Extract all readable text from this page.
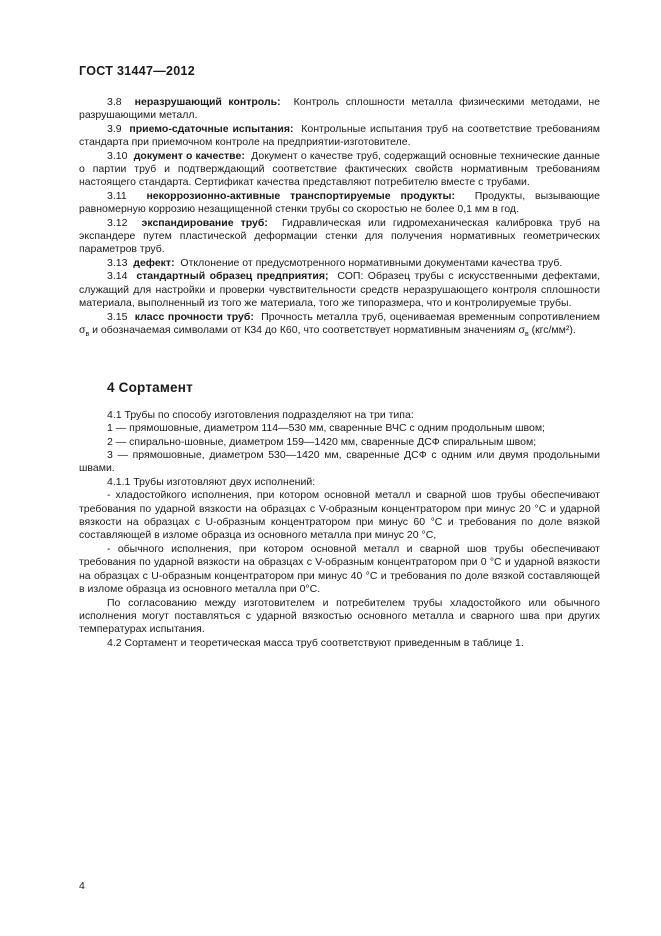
ГОСТ 31447—2012

3.8 неразрушающий контроль: Контроль сплошности металла физическими методами, не разрушающими металл.

3.9 приемо-сдаточные испытания: Контрольные испытания труб на соответствие требованиям стандарта при приемочном контроле на предприятии-изготовителе.

3.10 документ о качестве: Документ о качестве труб, содержащий основные технические данные о партии труб и подтверждающий соответствие фактических свойств нормативным требованиям настоящего стандарта. Сертификат качества представляют потребителю вместе с трубами.

3.11 некоррозионно-активные транспортируемые продукты: Продукты, вызывающие равномерную коррозию незащищенной стенки трубы со скоростью не более 0,1 мм в год.

3.12 экспандирование труб: Гидравлическая или гидромеханическая калибровка труб на экспандере путем пластической деформации стенки для получения нормативных геометрических параметров труб.

3.13 дефект: Отклонение от предусмотренного нормативными документами качества труб.

3.14 стандартный образец предприятия; СОП: Образец трубы с искусственными дефектами, служащий для настройки и проверки чувствительности средств неразрушающего контроля сплошности материала, выполненный из того же материала, того же типоразмера, что и контролируемые трубы.

3.15 класс прочности труб: Прочность металла труб, оцениваемая временным сопротивлением $\sigma_в$ и обозначаемая символами от К34 до К60, что соответствует нормативным значениям $\sigma_в$ (кгс/мм²).

4 Сортамент

4.1 Трубы по способу изготовления подразделяют на три типа:

1 — прямошовные, диаметром 114—530 мм, сваренные ВЧС с одним продольным швом;

2 — спирально-шовные, диаметром 159—1420 мм, сваренные ДСФ спиральным швом;

3 — прямошовные, диаметром 530—1420 мм, сваренные ДСФ с одним или двумя продольными швами.

4.1.1 Трубы изготовляют двух исполнений:

- хладостойкого исполнения, при котором основной металл и сварной шов трубы обеспечивают требования по ударной вязкости на образцах с V-образным концентратором при минус 20 °С и ударной вязкости на образцах с U-образным концентратором при минус 60 °С и требования по доле вязкой составляющей в изломе образца из основного металла при минус 20 °С,

- обычного исполнения, при котором основной металл и сварной шов трубы обеспечивают требования по ударной вязкости на образцах с V-образным концентратором при 0 °С и ударной вязкости на образцах с U-образным концентратором при минус 40 °С и требования по доле вязкой составляющей в изломе образца из основного металла при 0°С.

По согласованию между изготовителем и потребителем трубы хладостойкого или обычного исполнения могут поставляться с ударной вязкостью основного металла и сварного шва при других температурах испытания.

4.2 Сортамент и теоретическая масса труб соответствуют приведенным в таблице 1.

4
